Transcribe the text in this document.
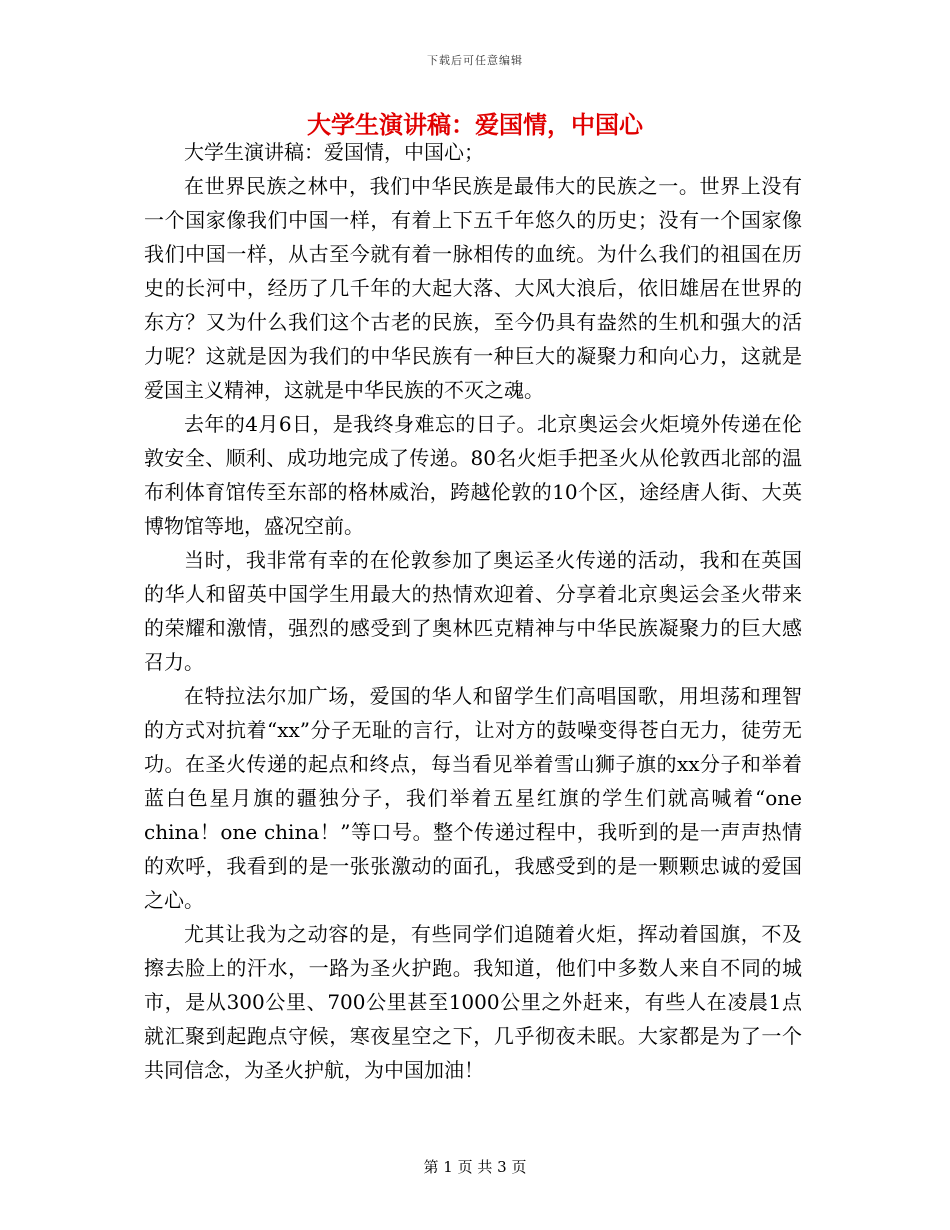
下载后可任意编辑
大学生演讲稿：爱国情，中国心

大学生演讲稿：爱国情，中国心；

在世界民族之林中，我们中华民族是最伟大的民族之一。世界上没有一个国家像我们中国一样，有着上下五千年悠久的历史；没有一个国家像我们中国一样，从古至今就有着一脉相传的血统。为什么我们的祖国在历史的长河中，经历了几千年的大起大落、大风大浪后，依旧雄居在世界的东方？又为什么我们这个古老的民族，至今仍具有盎然的生机和强大的活力呢？这就是因为我们的中华民族有一种巨大的凝聚力和向心力，这就是爱国主义精神，这就是中华民族的不灭之魂。

去年的4月6日，是我终身难忘的日子。北京奥运会火炬境外传递在伦敦安全、顺利、成功地完成了传递。80名火炬手把圣火从伦敦西北部的温布利体育馆传至东部的格林威治，跨越伦敦的10个区，途经唐人街、大英博物馆等地，盛况空前。

当时，我非常有幸的在伦敦参加了奥运圣火传递的活动，我和在英国的华人和留英中国学生用最大的热情欢迎着、分享着北京奥运会圣火带来的荣耀和激情，强烈的感受到了奥林匹克精神与中华民族凝聚力的巨大感召力。

在特拉法尔加广场，爱国的华人和留学生们高唱国歌，用坦荡和理智的方式对抗着“xx”分子无耻的言行，让对方的鼓噪变得苍白无力，徒劳无功。在圣火传递的起点和终点，每当看见举着雪山狮子旗的xx分子和举着蓝白色星月旗的疆独分子，我们举着五星红旗的学生们就高喊着“one china！one china！”等口号。整个传递过程中，我听到的是一声声热情的欢呼，我看到的是一张张激动的面孔，我感受到的是一颗颗忠诚的爱国之心。

尤其让我为之动容的是，有些同学们追随着火炬，挥动着国旗，不及擦去脸上的汗水，一路为圣火护跑。我知道，他们中多数人来自不同的城市，是从300公里、700公里甚至1000公里之外赶来，有些人在凌晨1点就汇聚到起跑点守候，寒夜星空之下，几乎彻夜未眠。大家都是为了一个共同信念，为圣火护航，为中国加油！

第 1 页 共 3 页
